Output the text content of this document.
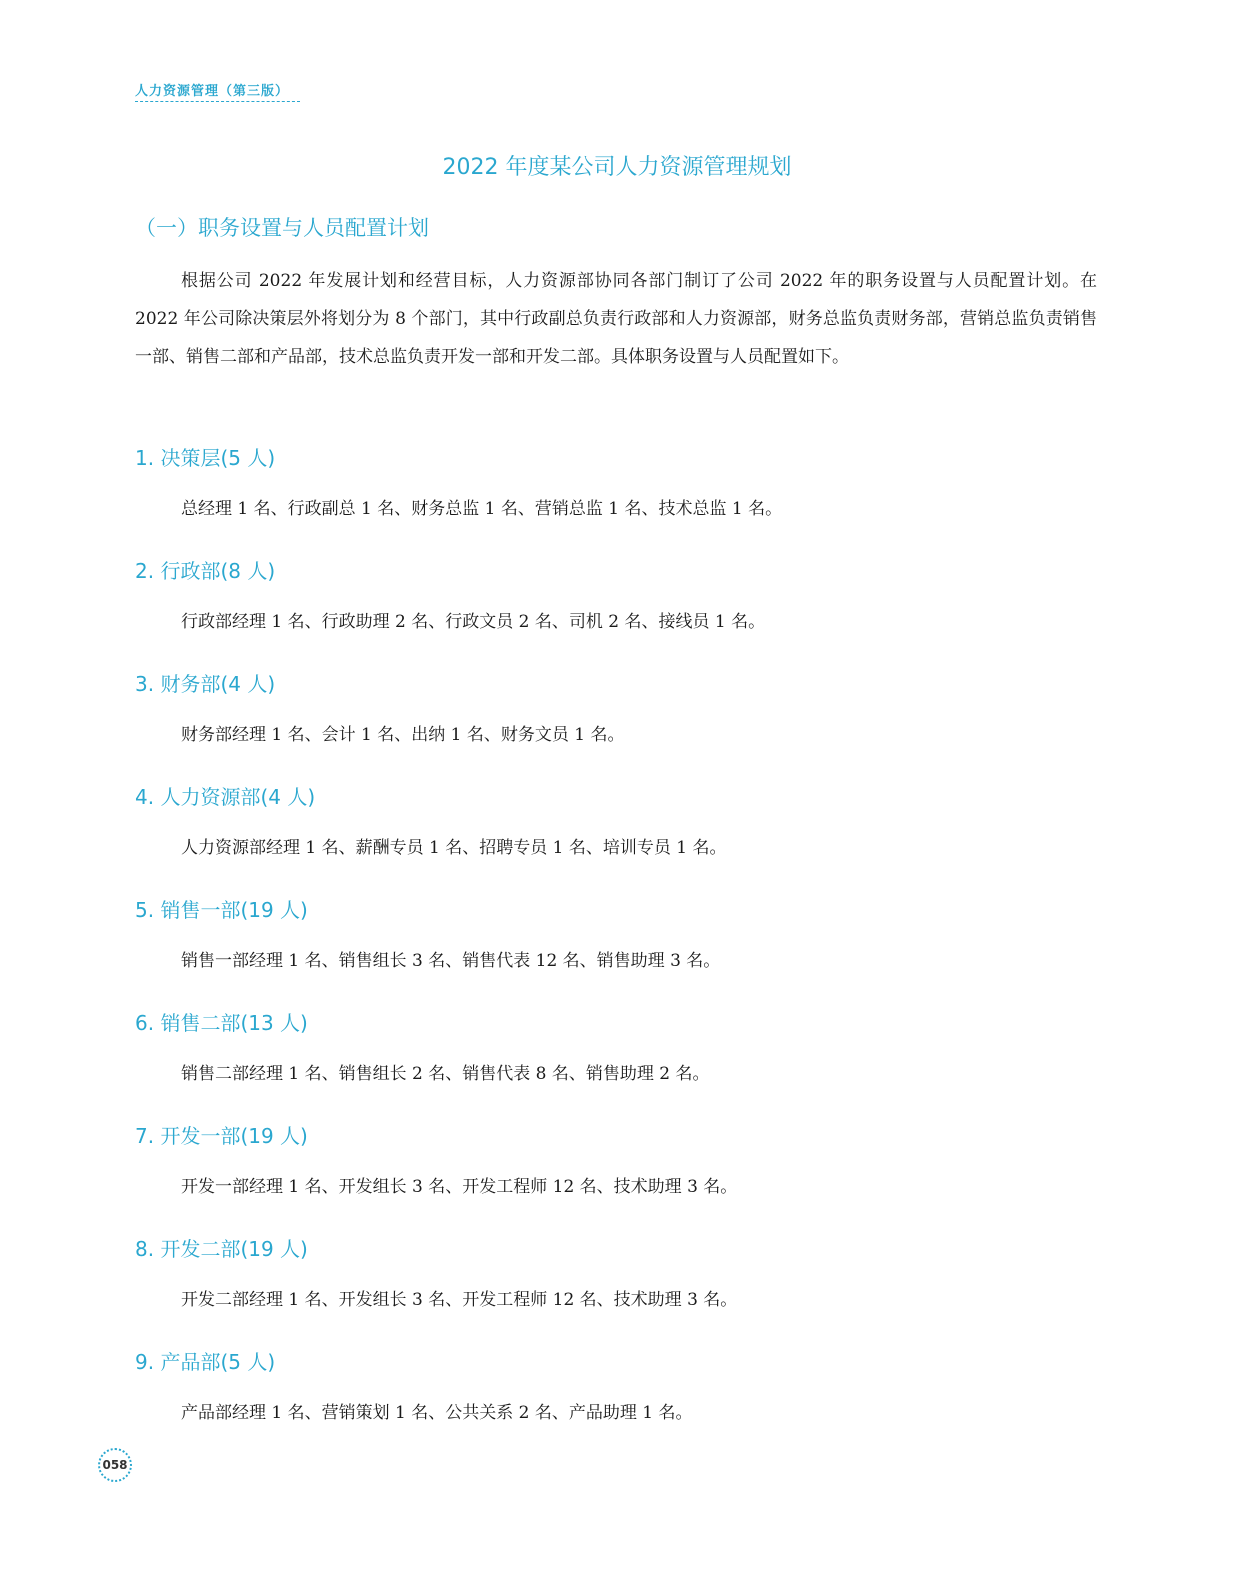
人力资源管理（第三版）
2022 年度某公司人力资源管理规划
（一）职务设置与人员配置计划

根据公司 2022 年发展计划和经营目标，人力资源部协同各部门制订了公司 2022 年的职务设置与人员配置计划。在 2022 年公司除决策层外将划分为 8 个部门，其中行政副总负责行政部和人力资源部，财务总监负责财务部，营销总监负责销售一部、销售二部和产品部，技术总监负责开发一部和开发二部。具体职务设置与人员配置如下。

1. 决策层(5 人)
总经理 1 名、行政副总 1 名、财务总监 1 名、营销总监 1 名、技术总监 1 名。
2. 行政部(8 人)
行政部经理 1 名、行政助理 2 名、行政文员 2 名、司机 2 名、接线员 1 名。
3. 财务部(4 人)
财务部经理 1 名、会计 1 名、出纳 1 名、财务文员 1 名。
4. 人力资源部(4 人)
人力资源部经理 1 名、薪酬专员 1 名、招聘专员 1 名、培训专员 1 名。
5. 销售一部(19 人)
销售一部经理 1 名、销售组长 3 名、销售代表 12 名、销售助理 3 名。
6. 销售二部(13 人)
销售二部经理 1 名、销售组长 2 名、销售代表 8 名、销售助理 2 名。
7. 开发一部(19 人)
开发一部经理 1 名、开发组长 3 名、开发工程师 12 名、技术助理 3 名。
8. 开发二部(19 人)
开发二部经理 1 名、开发组长 3 名、开发工程师 12 名、技术助理 3 名。
9. 产品部(5 人)
产品部经理 1 名、营销策划 1 名、公共关系 2 名、产品助理 1 名。
058
